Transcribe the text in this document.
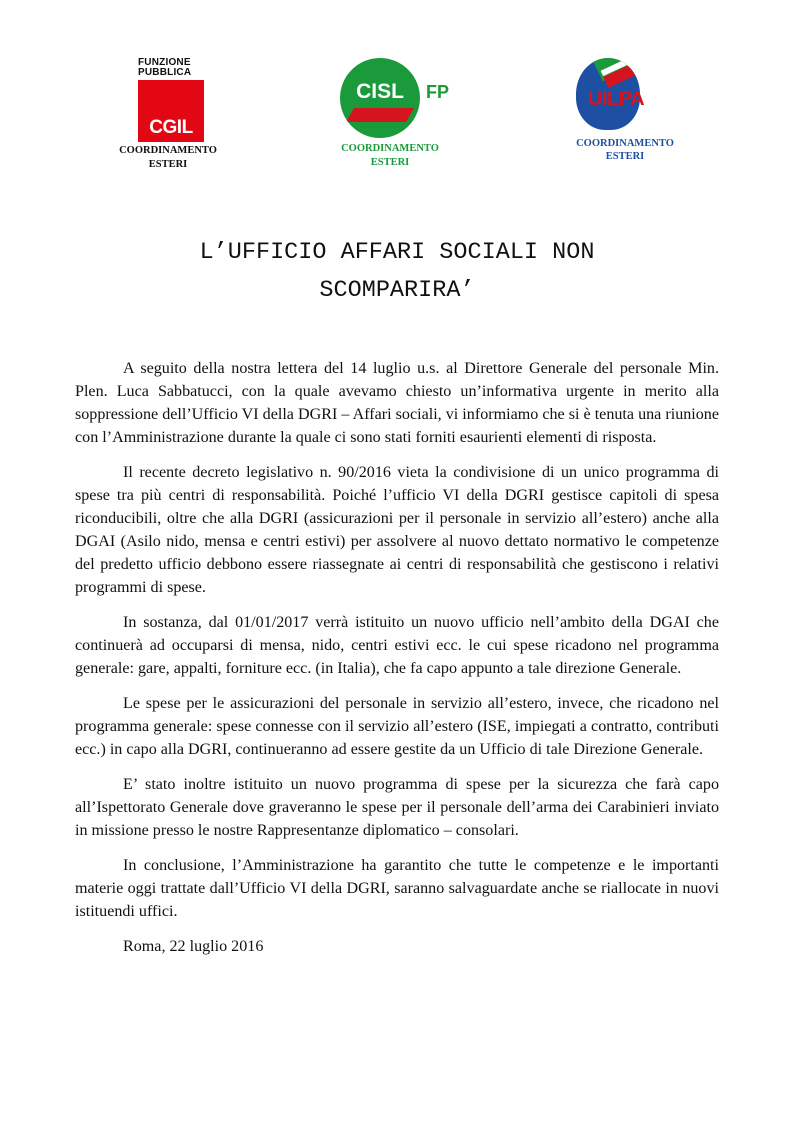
FUNZIONE
PUBBLICA
CGIL
COORDINAMENTO
ESTERI
CISL	FP
COORDINAMENTO
ESTERI
UILPA
COORDINAMENTO
ESTERI
L’UFFICIO AFFARI SOCIALI NON
SCOMPARIRA’

A seguito della nostra lettera del 14 luglio u.s. al Direttore Generale del personale Min. Plen. Luca Sabbatucci, con la quale avevamo chiesto un’informativa urgente in merito alla soppressione dell’Ufficio VI della DGRI – Affari sociali, vi informiamo che si è tenuta una riunione con l’Amministrazione durante la quale ci sono stati forniti esaurienti elementi di risposta.

Il recente decreto legislativo n. 90/2016 vieta la condivisione di un unico programma di spese tra più centri di responsabilità. Poiché l’ufficio VI della DGRI gestisce capitoli di spesa riconducibili, oltre che alla DGRI (assicurazioni per il personale in servizio all’estero) anche alla DGAI (Asilo nido, mensa e centri estivi) per assolvere al nuovo dettato normativo le competenze del predetto ufficio debbono essere riassegnate ai centri di responsabilità che gestiscono i relativi programmi di spese.

In sostanza, dal 01/01/2017 verrà istituito un nuovo ufficio nell’ambito della DGAI che continuerà ad occuparsi di mensa, nido, centri estivi ecc. le cui spese ricadono nel programma generale: gare, appalti, forniture ecc. (in Italia), che fa capo appunto a tale direzione Generale.

Le spese per le assicurazioni del personale in servizio all’estero, invece, che ricadono nel programma generale: spese connesse con il servizio all’estero (ISE, impiegati a contratto, contributi ecc.) in capo alla DGRI, continueranno ad essere gestite da un Ufficio di tale Direzione Generale.

E’ stato inoltre istituito un nuovo programma di spese per la sicurezza che farà capo all’Ispettorato Generale dove graveranno le spese per il personale dell’arma dei Carabinieri inviato in missione presso le nostre Rappresentanze diplomatico – consolari.

In conclusione, l’Amministrazione ha garantito che tutte le competenze e le importanti materie oggi trattate dall’Ufficio VI della DGRI, saranno salvaguardate anche se riallocate in nuovi istituendi uffici.

Roma, 22 luglio 2016
